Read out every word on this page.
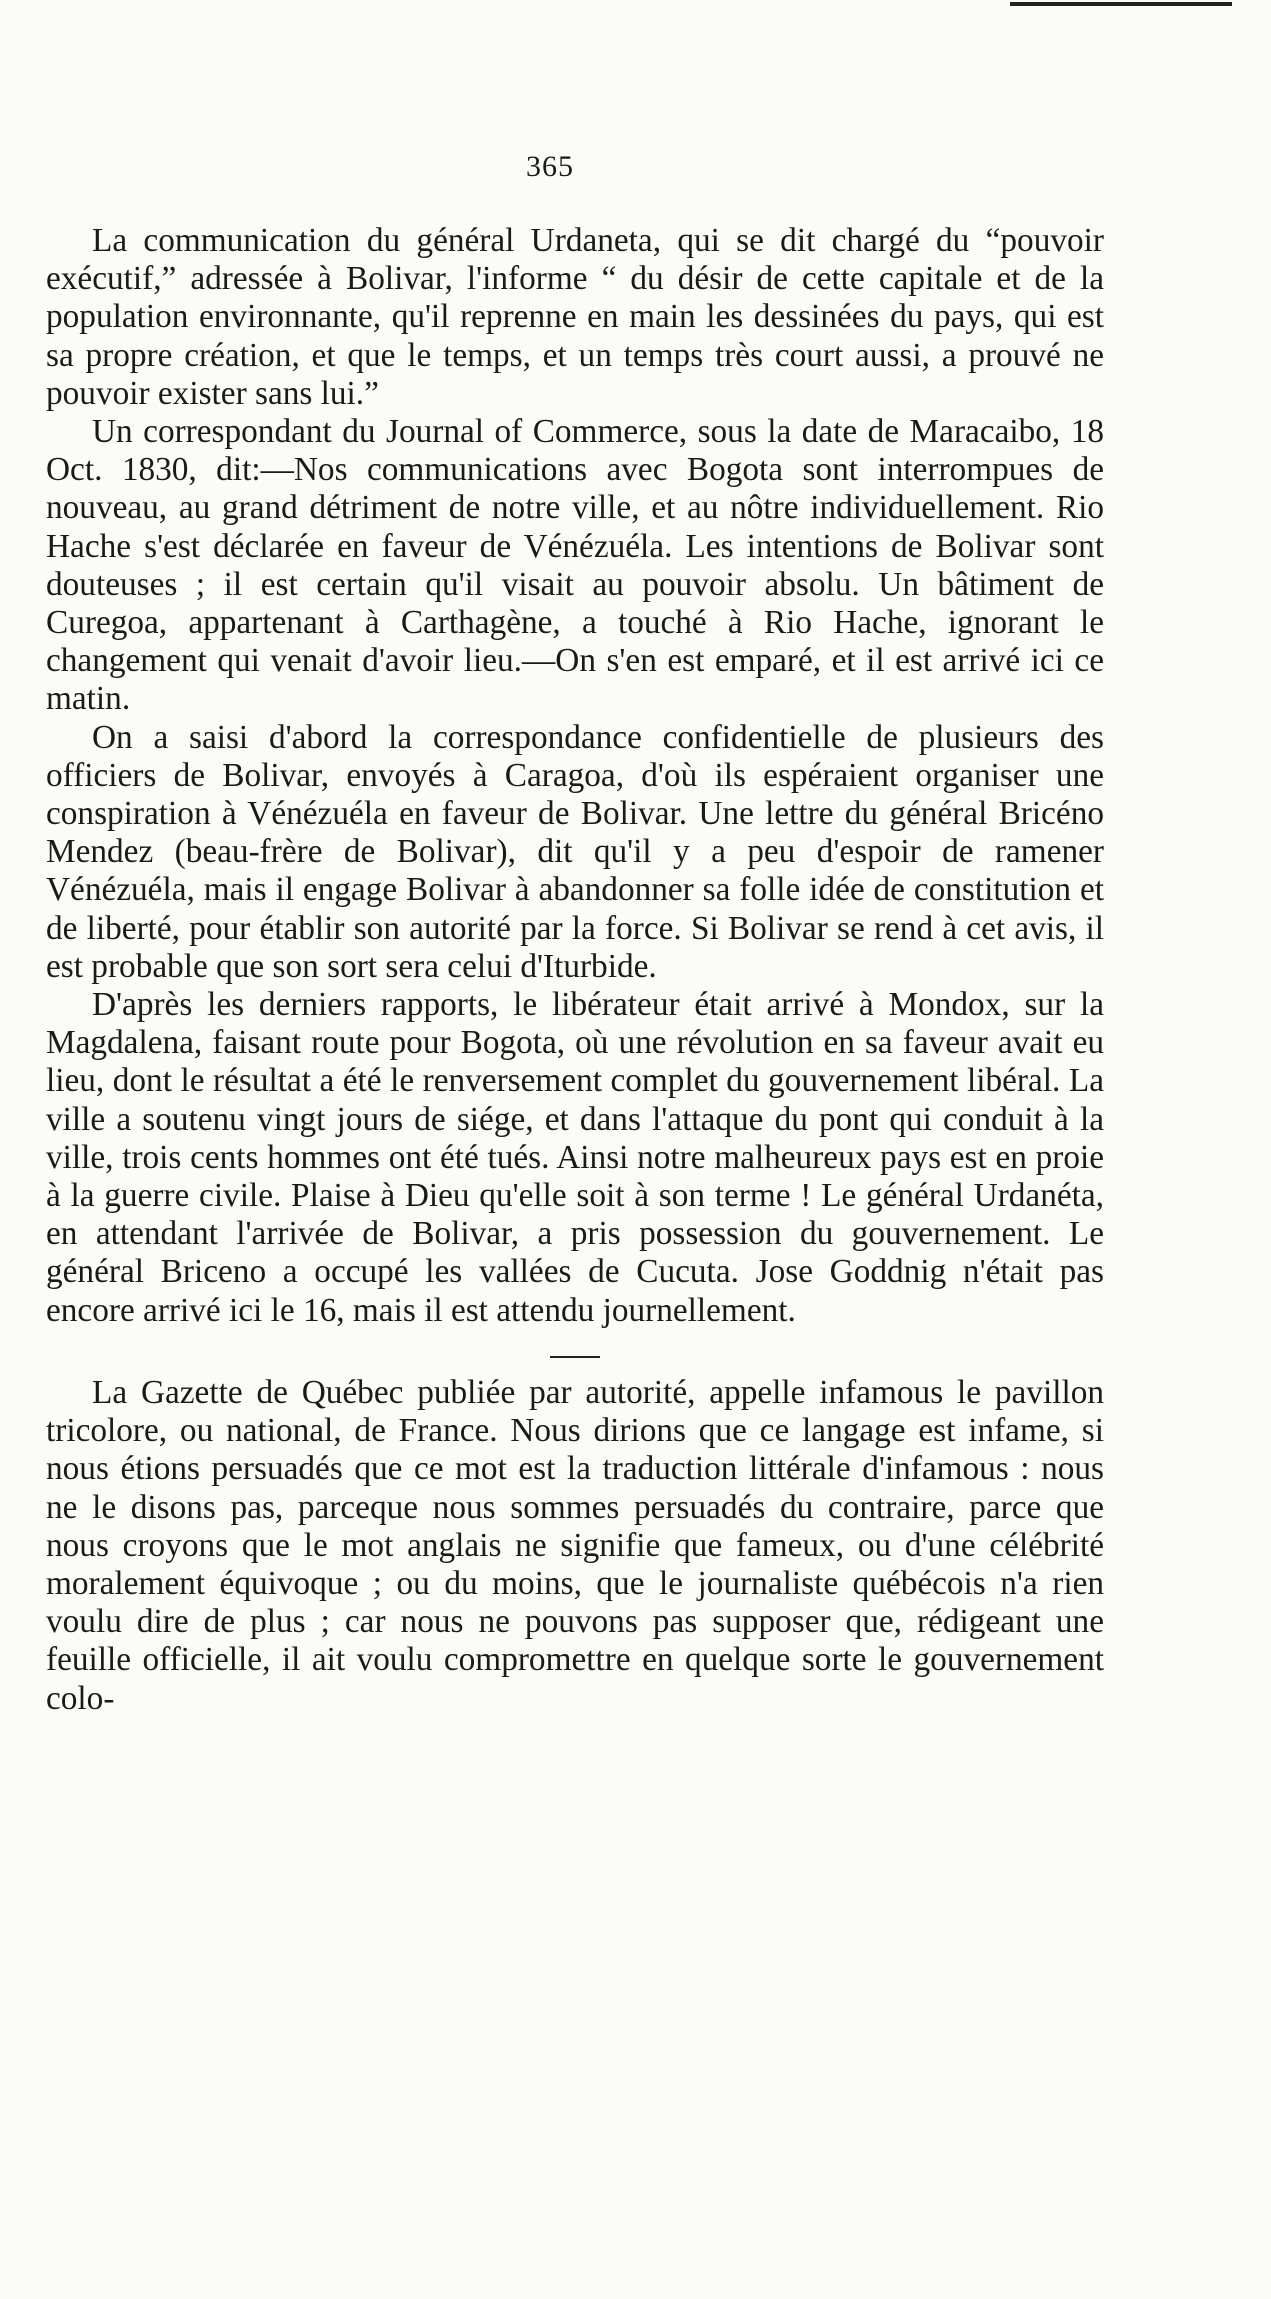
365

La communication du général Urdaneta, qui se dit chargé du “pouvoir exécutif,” adressée à Bolivar, l'informe “ du désir de cette capitale et de la population environnante, qu'il reprenne en main les dessinées du pays, qui est sa propre création, et que le temps, et un temps très court aussi, a prouvé ne pouvoir exister sans lui.”

Un correspondant du Journal of Commerce, sous la date de Maracaibo, 18 Oct. 1830, dit:—Nos communications avec Bogota sont interrompues de nouveau, au grand détriment de notre ville, et au nôtre individuellement. Rio Hache s'est déclarée en faveur de Vénézuéla. Les intentions de Bolivar sont douteuses ; il est certain qu'il visait au pouvoir absolu. Un bâtiment de Curegoa, appartenant à Carthagène, a touché à Rio Hache, ignorant le changement qui venait d'avoir lieu.—On s'en est emparé, et il est arrivé ici ce matin.

On a saisi d'abord la correspondance confidentielle de plusieurs des officiers de Bolivar, envoyés à Caragoa, d'où ils espéraient organiser une conspiration à Vénézuéla en faveur de Bolivar. Une lettre du général Bricéno Mendez (beau-frère de Bolivar), dit qu'il y a peu d'espoir de ramener Vénézuéla, mais il engage Bolivar à abandonner sa folle idée de constitution et de liberté, pour établir son autorité par la force. Si Bolivar se rend à cet avis, il est probable que son sort sera celui d'Iturbide.

D'après les derniers rapports, le libérateur était arrivé à Mondox, sur la Magdalena, faisant route pour Bogota, où une révolution en sa faveur avait eu lieu, dont le résultat a été le renversement complet du gouvernement libéral. La ville a soutenu vingt jours de siége, et dans l'attaque du pont qui conduit à la ville, trois cents hommes ont été tués. Ainsi notre malheureux pays est en proie à la guerre civile. Plaise à Dieu qu'elle soit à son terme ! Le général Urdanéta, en attendant l'arrivée de Bolivar, a pris possession du gouvernement. Le général Briceno a occupé les vallées de Cucuta. Jose Goddnig n'était pas encore arrivé ici le 16, mais il est attendu journellement.

La Gazette de Québec publiée par autorité, appelle infamous le pavillon tricolore, ou national, de France. Nous dirions que ce langage est infame, si nous étions persuadés que ce mot est la traduction littérale d'infamous : nous ne le disons pas, parceque nous sommes persuadés du contraire, parce que nous croyons que le mot anglais ne signifie que fameux, ou d'une célébrité moralement équivoque ; ou du moins, que le journaliste québécois n'a rien voulu dire de plus ; car nous ne pouvons pas supposer que, rédigeant une feuille officielle, il ait voulu compromettre en quelque sorte le gouvernement colo-
